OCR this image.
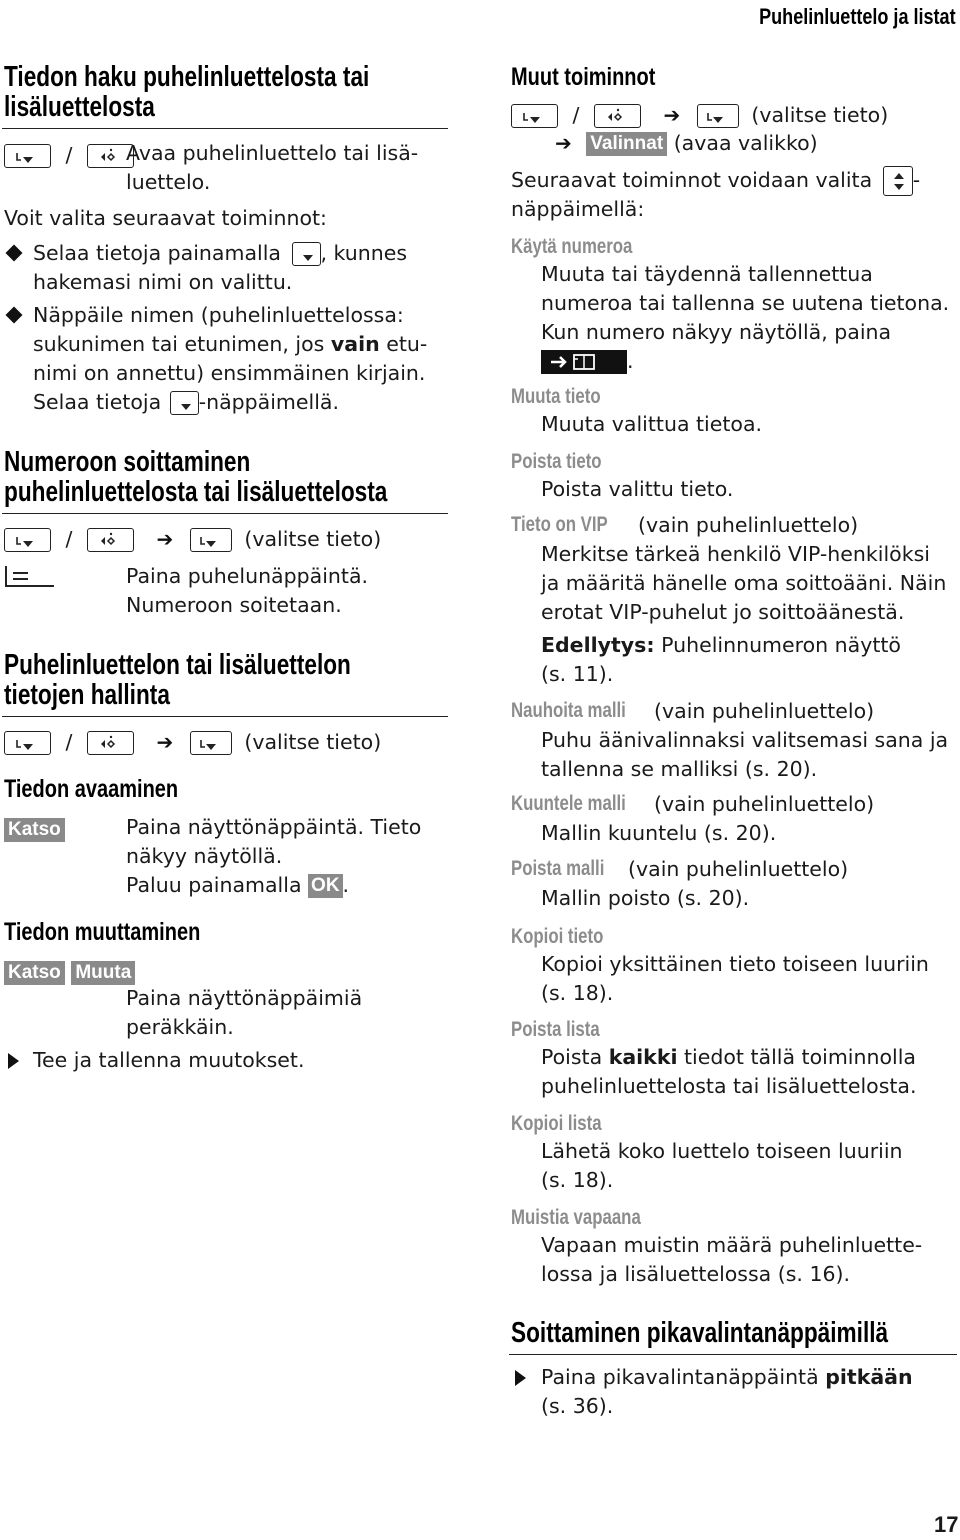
Puhelinluettelo ja listat
17
Tiedon haku puhelinluettelosta tai
lisäluettelosta
/	Avaa puhelinluettelo tai lisä-
luettelo.
Voit valita seuraavat toiminnot:
Selaa tietoja painamalla , kunnes
hakemasi nimi on valittu.
Näppäile nimen (puhelinluettelossa:
sukunimen tai etunimen, jos vain etu-
nimi on annettu) ensimmäinen kirjain.
Selaa tietoja -näppäimellä.
Numeroon soittaminen
puhelinluettelosta tai lisäluettelosta
/	➔	(valitse tieto)
Paina puhelunäppäintä.
Numeroon soitetaan.
Puhelinluettelon tai lisäluettelon
tietojen hallinta
/	➔	(valitse tieto)
Tiedon avaaminen
Katso	Paina näyttönäppäintä. Tieto
näkyy näytöllä.
Paluu painamalla OK .
Tiedon muuttaminen
Katso Muuta
Paina näyttönäppäimiä
peräkkäin.
Tee ja tallenna muutokset.
Muut toiminnot
/	➔	(valitse tieto)
➔ Valinnat (avaa valikko)
Seuraavat toiminnot voidaan valita -
näppäimellä:
Käytä numeroa
Muuta tai täydennä tallennettua
numeroa tai tallenna se uutena tietona.
Kun numero näkyy näytöllä, paina
.
Muuta tieto
Muuta valittua tietoa.
Poista tieto
Poista valittu tieto.
Tieto on VIP (vain puhelinluettelo)
Merkitse tärkeä henkilö VIP-henkilöksi
ja määritä hänelle oma soittoääni. Näin
erotat VIP-puhelut jo soittoäänestä.
Edellytys: Puhelinnumeron näyttö
(s. 11).
Nauhoita malli (vain puhelinluettelo)
Puhu äänivalinnaksi valitsemasi sana ja
tallenna se malliksi (s. 20).
Kuuntele malli (vain puhelinluettelo)
Mallin kuuntelu (s. 20).
Poista malli (vain puhelinluettelo)
Mallin poisto (s. 20).
Kopioi tieto
Kopioi yksittäinen tieto toiseen luuriin
(s. 18).
Poista lista
Poista kaikki tiedot tällä toiminnolla
puhelinluettelosta tai lisäluettelosta.
Kopioi lista
Lähetä koko luettelo toiseen luuriin
(s. 18).
Muistia vapaana
Vapaan muistin määrä puhelinluette-
lossa ja lisäluettelossa (s. 16).
Soittaminen pikavalintanäppäimillä
Paina pikavalintanäppäintä pitkään
(s. 36).
